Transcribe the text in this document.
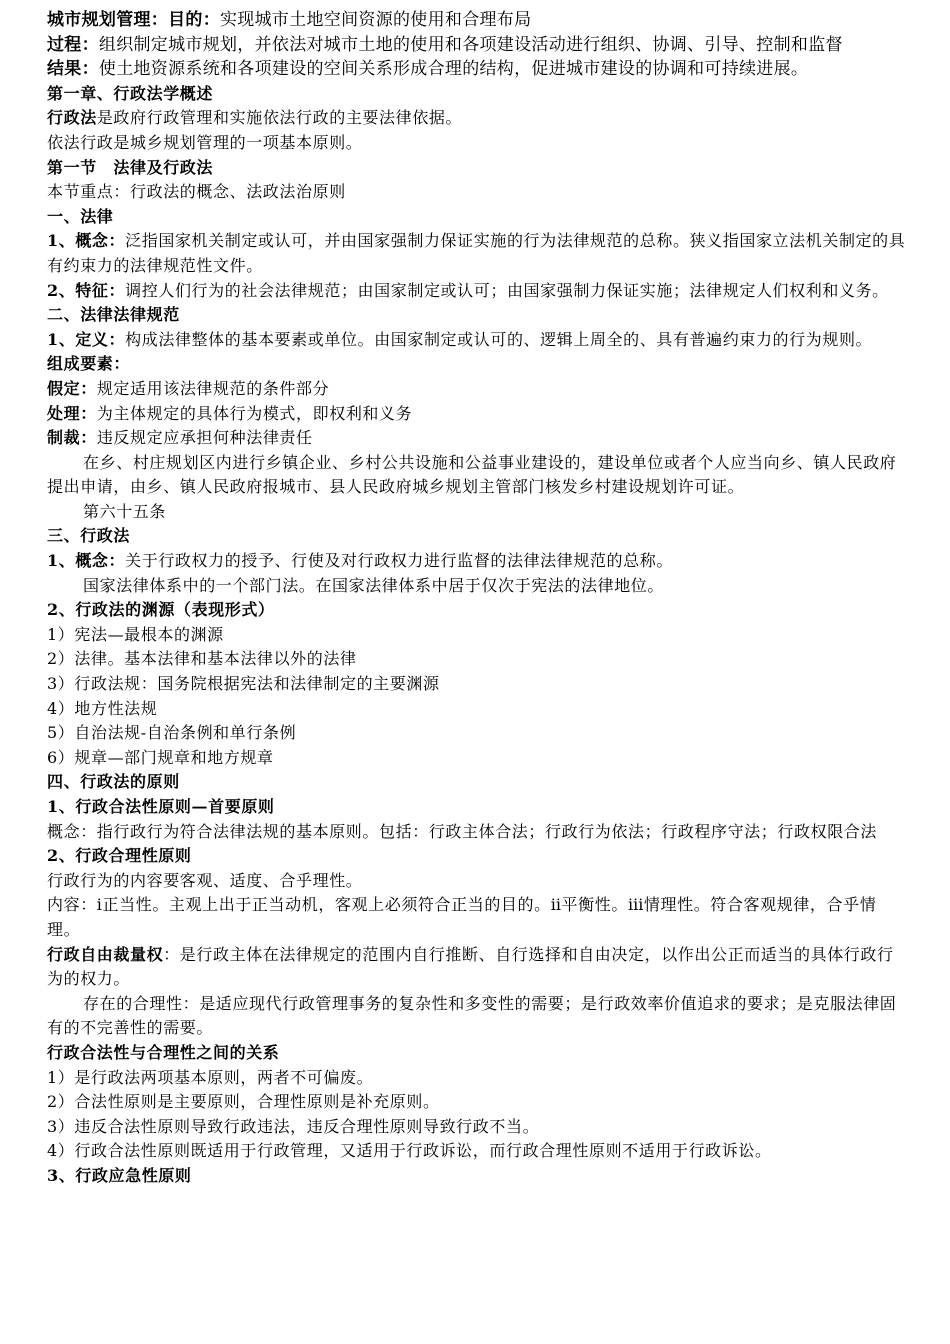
城市规划管理：目的：实现城市土地空间资源的使用和合理布局
过程：组织制定城市规划，并依法对城市土地的使用和各项建设活动进行组织、协调、引导、控制和监督
结果：使土地资源系统和各项建设的空间关系形成合理的结构，促进城市建设的协调和可持续进展。
第一章、行政法学概述
行政法是政府行政管理和实施依法行政的主要法律依据。
依法行政是城乡规划管理的一项基本原则。
第一节　法律及行政法
本节重点：行政法的概念、法政法治原则
一、法律
1、概念：泛指国家机关制定或认可，并由国家强制力保证实施的行为法律规范的总称。狭义指国家立法机关制定的具有约束力的法律规范性文件。
2、特征：调控人们行为的社会法律规范；由国家制定或认可；由国家强制力保证实施；法律规定人们权利和义务。
二、法律法律规范
1、定义：构成法律整体的基本要素或单位。由国家制定或认可的、逻辑上周全的、具有普遍约束力的行为规则。
组成要素：
假定：规定适用该法律规范的条件部分
处理：为主体规定的具体行为模式，即权利和义务
制裁：违反规定应承担何种法律责任
在乡、村庄规划区内进行乡镇企业、乡村公共设施和公益事业建设的，建设单位或者个人应当向乡、镇人民政府提出申请，由乡、镇人民政府报城市、县人民政府城乡规划主管部门核发乡村建设规划许可证。
第六十五条
三、行政法
1、概念：关于行政权力的授予、行使及对行政权力进行监督的法律法律规范的总称。
国家法律体系中的一个部门法。在国家法律体系中居于仅次于宪法的法律地位。
2、行政法的渊源（表现形式）
1）宪法—最根本的渊源
2）法律。基本法律和基本法律以外的法律
3）行政法规：国务院根据宪法和法律制定的主要渊源
4）地方性法规
5）自治法规-自治条例和单行条例
6）规章—部门规章和地方规章
四、行政法的原则
1、行政合法性原则—首要原则
概念：指行政行为符合法律法规的基本原则。包括：行政主体合法；行政行为依法；行政程序守法；行政权限合法
2、行政合理性原则
行政行为的内容要客观、适度、合乎理性。
内容：ⅰ正当性。主观上出于正当动机，客观上必须符合正当的目的。ⅱ平衡性。ⅲ情理性。符合客观规律，合乎情理。
行政自由裁量权：是行政主体在法律规定的范围内自行推断、自行选择和自由决定，以作出公正而适当的具体行政行为的权力。
存在的合理性：是适应现代行政管理事务的复杂性和多变性的需要；是行政效率价值追求的要求；是克服法律固有的不完善性的需要。
行政合法性与合理性之间的关系
1）是行政法两项基本原则，两者不可偏废。
2）合法性原则是主要原则，合理性原则是补充原则。
3）违反合法性原则导致行政违法，违反合理性原则导致行政不当。
4）行政合法性原则既适用于行政管理，又适用于行政诉讼，而行政合理性原则不适用于行政诉讼。
3、行政应急性原则
